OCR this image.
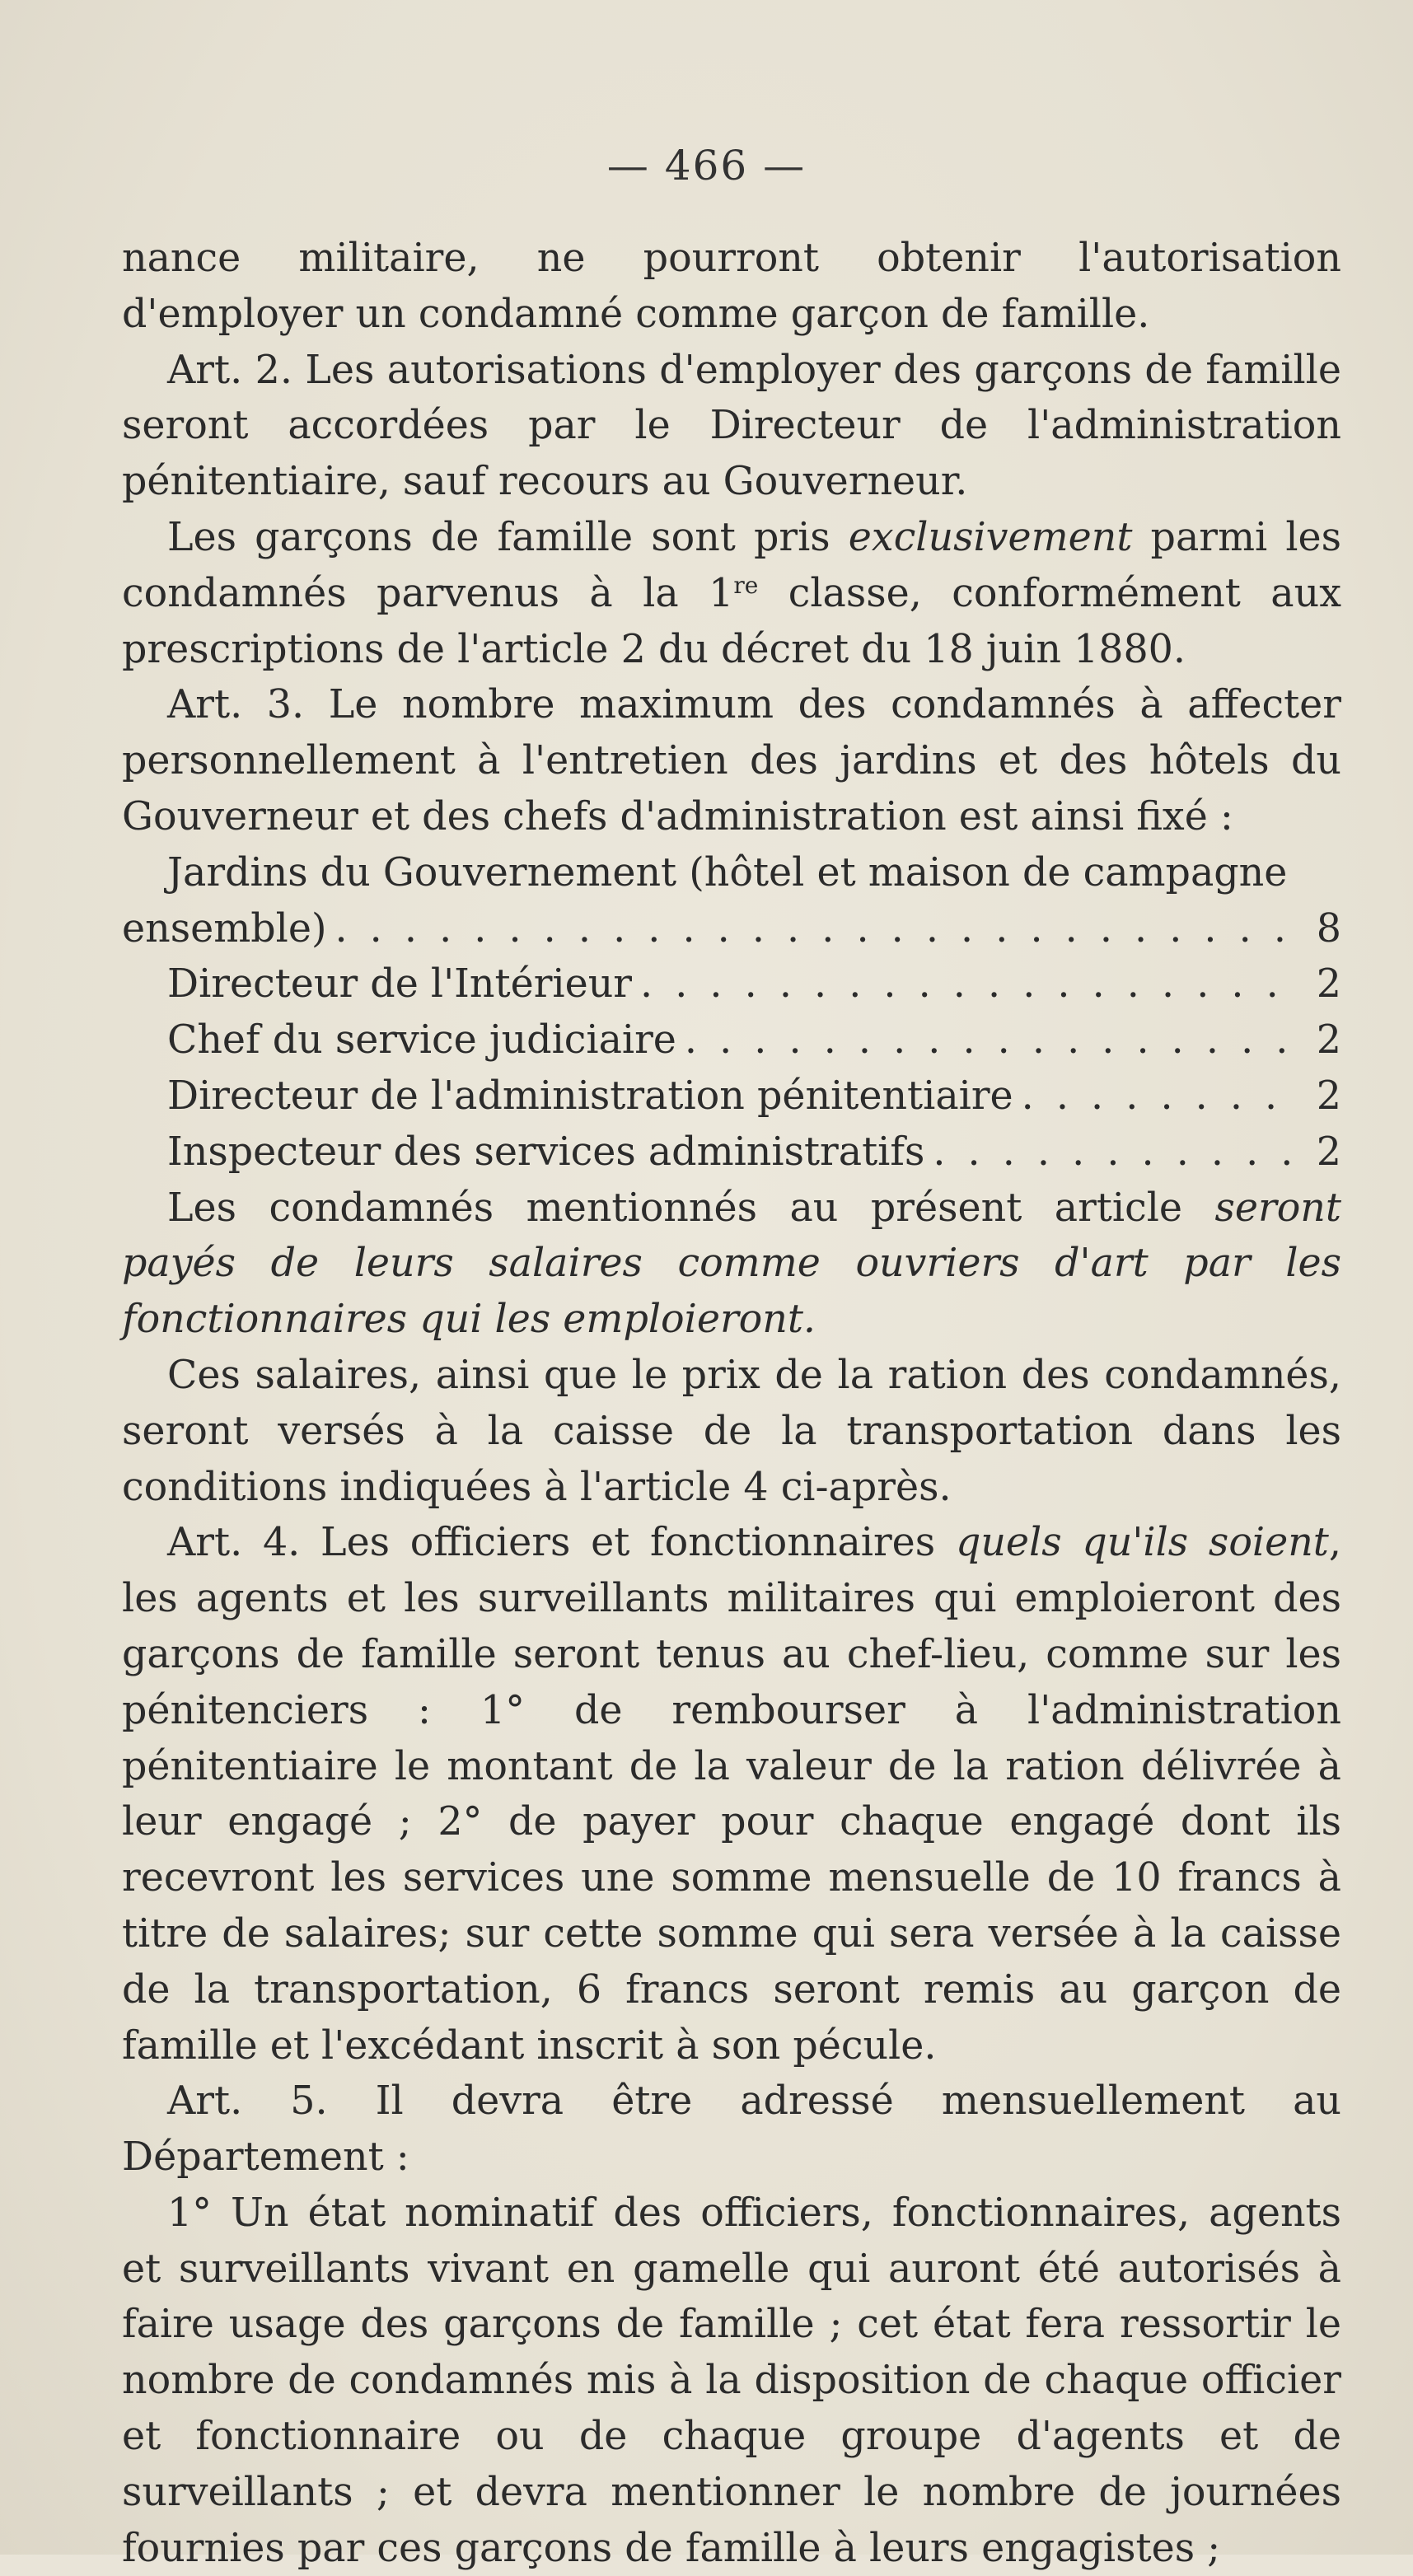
— 466 —

nance militaire, ne pourront obtenir l'autorisation d'employer un condamné comme garçon de famille.

Art. 2. Les autorisations d'employer des garçons de famille seront accordées par le Directeur de l'administration pénitentiaire, sauf recours au Gouverneur.

Les garçons de famille sont pris exclusivement parmi les condamnés parvenus à la 1re classe, conformément aux prescriptions de l'article 2 du décret du 18 juin 1880.

Art. 3. Le nombre maximum des condamnés à affecter personnellement à l'entretien des jardins et des hôtels du Gouverneur et des chefs d'administration est ainsi fixé :

Jardins du Gouvernement (hôtel et maison de campagne
ensemble) . . .	8
Directeur de l'Intérieur . . .	2
Chef du service judiciaire . . .	2
Directeur de l'administration pénitentiaire . . .	2
Inspecteur des services administratifs . . .	2

Les condamnés mentionnés au présent article seront payés de leurs salaires comme ouvriers d'art par les fonctionnaires qui les emploieront.

Ces salaires, ainsi que le prix de la ration des condamnés, seront versés à la caisse de la transportation dans les conditions indiquées à l'article 4 ci-après.

Art. 4. Les officiers et fonctionnaires quels qu'ils soient, les agents et les surveillants militaires qui emploieront des garçons de famille seront tenus au chef-lieu, comme sur les pénitenciers : 1° de rembourser à l'administration pénitentiaire le montant de la valeur de la ration délivrée à leur engagé ; 2° de payer pour chaque engagé dont ils recevront les services une somme mensuelle de 10 francs à titre de salaires; sur cette somme qui sera versée à la caisse de la transportation, 6 francs seront remis au garçon de famille et l'excédant inscrit à son pécule.

Art. 5. Il devra être adressé mensuellement au Département :

1° Un état nominatif des officiers, fonctionnaires, agents et surveillants vivant en gamelle qui auront été autorisés à faire usage des garçons de famille ; cet état fera ressortir le nombre de condamnés mis à la disposition de chaque officier et fonctionnaire ou de chaque groupe d'agents et de surveillants ; et devra mentionner le nombre de journées fournies par ces garçons de famille à leurs engagistes ;
